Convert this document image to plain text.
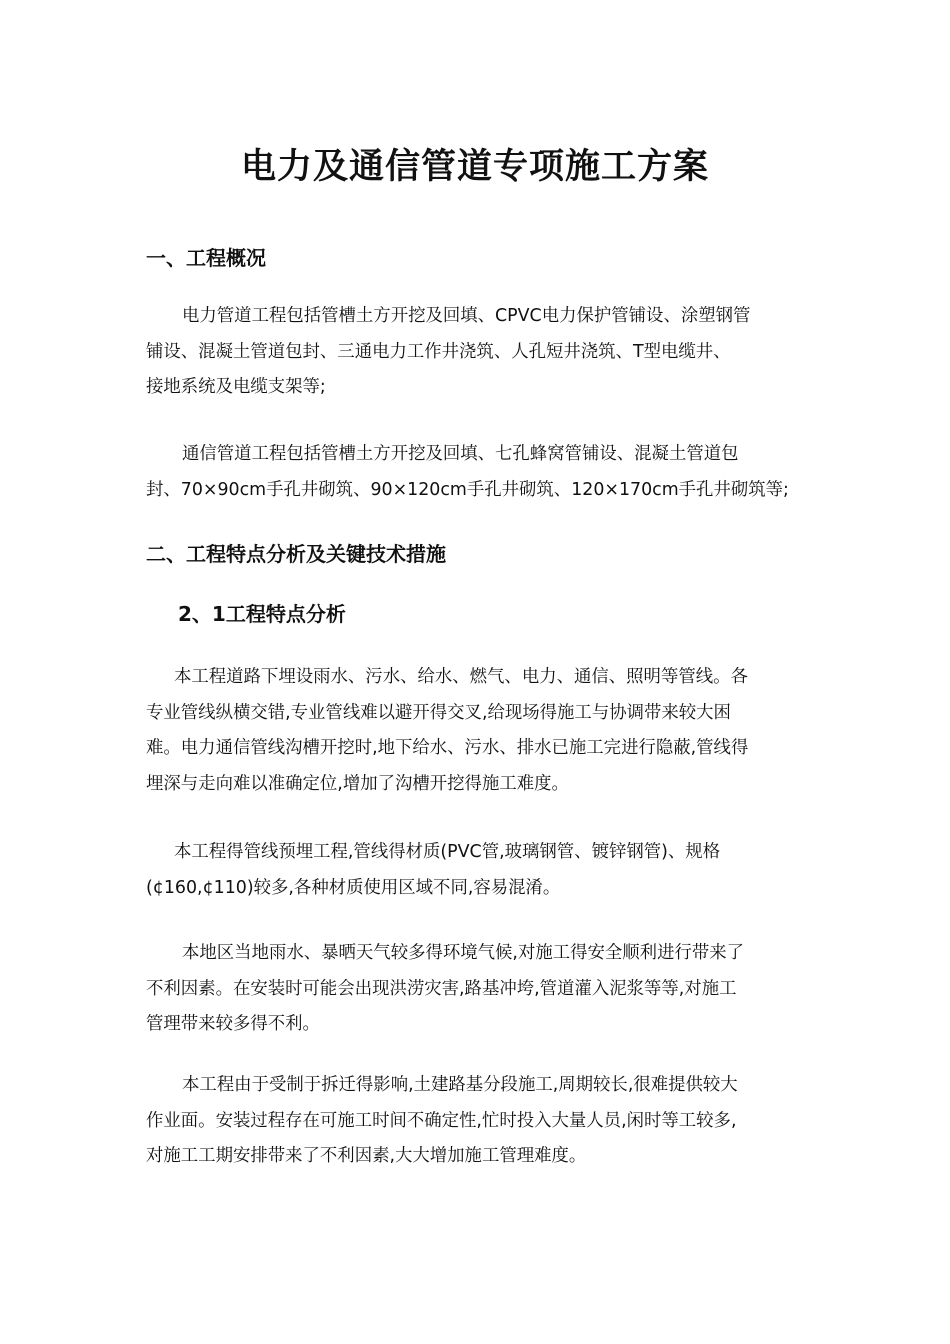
电力及通信管道专项施工方案
一、工程概况
电力管道工程包括管槽土方开挖及回填、CPVC电力保护管铺设、涂塑钢管
铺设、混凝土管道包封、三通电力工作井浇筑、人孔短井浇筑、T型电缆井、
接地系统及电缆支架等;
通信管道工程包括管槽土方开挖及回填、七孔蜂窝管铺设、混凝土管道包
封、70×90cm手孔井砌筑、90×120cm手孔井砌筑、120×170cm手孔井砌筑等;
二、工程特点分析及关键技术措施
2、1工程特点分析
本工程道路下埋设雨水、污水、给水、燃气、电力、通信、照明等管线。各
专业管线纵横交错,专业管线难以避开得交叉,给现场得施工与协调带来较大困
难。电力通信管线沟槽开挖时,地下给水、污水、排水已施工完进行隐蔽,管线得
埋深与走向难以准确定位,增加了沟槽开挖得施工难度。
本工程得管线预埋工程,管线得材质(PVC管,玻璃钢管、镀锌钢管)、规格
(¢160,¢110)较多,各种材质使用区域不同,容易混淆。
本地区当地雨水、暴晒天气较多得环境气候,对施工得安全顺利进行带来了
不利因素。在安装时可能会出现洪涝灾害,路基冲垮,管道灌入泥浆等等,对施工
管理带来较多得不利。
本工程由于受制于拆迁得影响,土建路基分段施工,周期较长,很难提供较大
作业面。安装过程存在可施工时间不确定性,忙时投入大量人员,闲时等工较多,
对施工工期安排带来了不利因素,大大增加施工管理难度。
